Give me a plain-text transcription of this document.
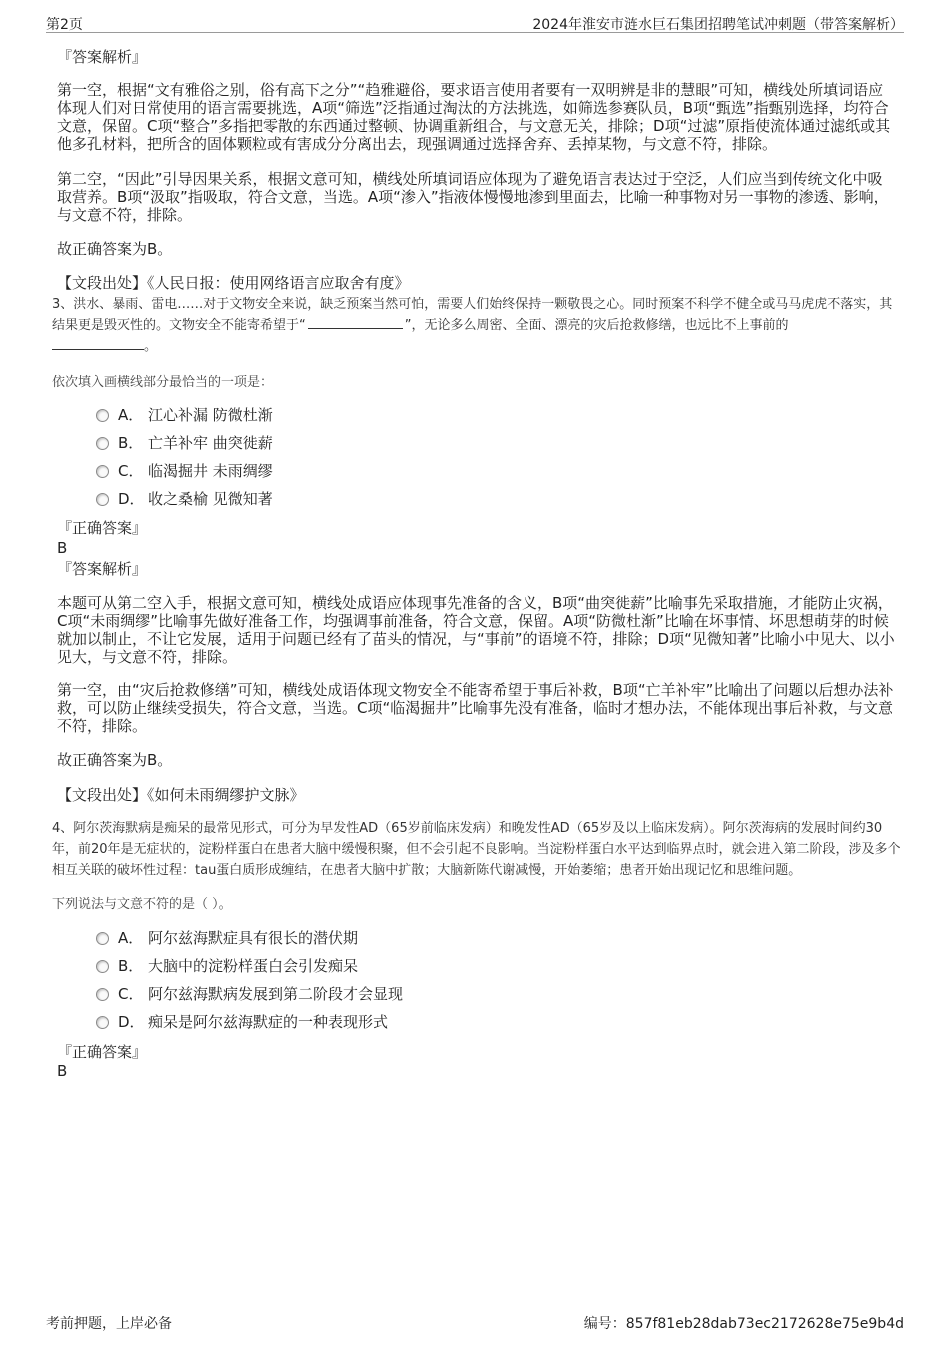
第2页	2024年淮安市涟水巨石集团招聘笔试冲刺题（带答案解析）
『答案解析』

第一空，根据“文有雅俗之别，俗有高下之分”“趋雅避俗，要求语言使用者要有一双明辨是非的慧眼”可知，横线处所填词语应体现人们对日常使用的语言需要挑选，A项“筛选”泛指通过淘汰的方法挑选，如筛选参赛队员，B项“甄选”指甄别选择，均符合文意，保留。C项“整合”多指把零散的东西通过整顿、协调重新组合，与文意无关，排除；D项“过滤”原指使流体通过滤纸或其他多孔材料，把所含的固体颗粒或有害成分分离出去，现强调通过选择舍弃、丢掉某物，与文意不符，排除。

第二空，“因此”引导因果关系，根据文意可知，横线处所填词语应体现为了避免语言表达过于空泛，人们应当到传统文化中吸取营养。B项“汲取”指吸取，符合文意，当选。A项“渗入”指液体慢慢地渗到里面去，比喻一种事物对另一事物的渗透、影响，与文意不符，排除。

故正确答案为B。
【文段出处】《人民日报：使用网络语言应取舍有度》
3、洪水、暴雨、雷电……对于文物安全来说，缺乏预案当然可怕，需要人们始终保持一颗敬畏之心。同时预案不科学不健全或马马虎虎不落实，其结果更是毁灭性的。文物安全不能寄希望于“	”，无论多么周密、全面、漂亮的灾后抢救修缮，也远比不上事前的
。
依次填入画横线部分最恰当的一项是：
A． 江心补漏 防微杜渐
B． 亡羊补牢 曲突徙薪
C． 临渴掘井 未雨绸缪
D． 收之桑榆 见微知著
『正确答案』
B
『答案解析』

本题可从第二空入手，根据文意可知，横线处成语应体现事先准备的含义，B项“曲突徙薪”比喻事先采取措施，才能防止灾祸，C项“未雨绸缪”比喻事先做好准备工作，均强调事前准备，符合文意，保留。A项“防微杜渐”比喻在坏事情、坏思想萌芽的时候就加以制止，不让它发展，适用于问题已经有了苗头的情况，与“事前”的语境不符，排除；D项“见微知著”比喻小中见大、以小见大，与文意不符，排除。

第一空，由“灾后抢救修缮”可知，横线处成语体现文物安全不能寄希望于事后补救，B项“亡羊补牢”比喻出了问题以后想办法补救，可以防止继续受损失，符合文意，当选。C项“临渴掘井”比喻事先没有准备，临时才想办法，不能体现出事后补救，与文意不符，排除。

故正确答案为B。
【文段出处】《如何未雨绸缪护文脉》
4、阿尔茨海默病是痴呆的最常见形式，可分为早发性AD（65岁前临床发病）和晚发性AD（65岁及以上临床发病）。阿尔茨海病的发展时间约30年，前20年是无症状的，淀粉样蛋白在患者大脑中缓慢积聚，但不会引起不良影响。当淀粉样蛋白水平达到临界点时，就会进入第二阶段，涉及多个相互关联的破坏性过程：tau蛋白质形成缠结，在患者大脑中扩散；大脑新陈代谢减慢，开始萎缩；患者开始出现记忆和思维问题。
下列说法与文意不符的是（ ）。
A． 阿尔兹海默症具有很长的潜伏期
B． 大脑中的淀粉样蛋白会引发痴呆
C． 阿尔兹海默病发展到第二阶段才会显现
D． 痴呆是阿尔兹海默症的一种表现形式
『正确答案』
B
考前押题，上岸必备	编号：857f81eb28dab73ec2172628e75e9b4d
